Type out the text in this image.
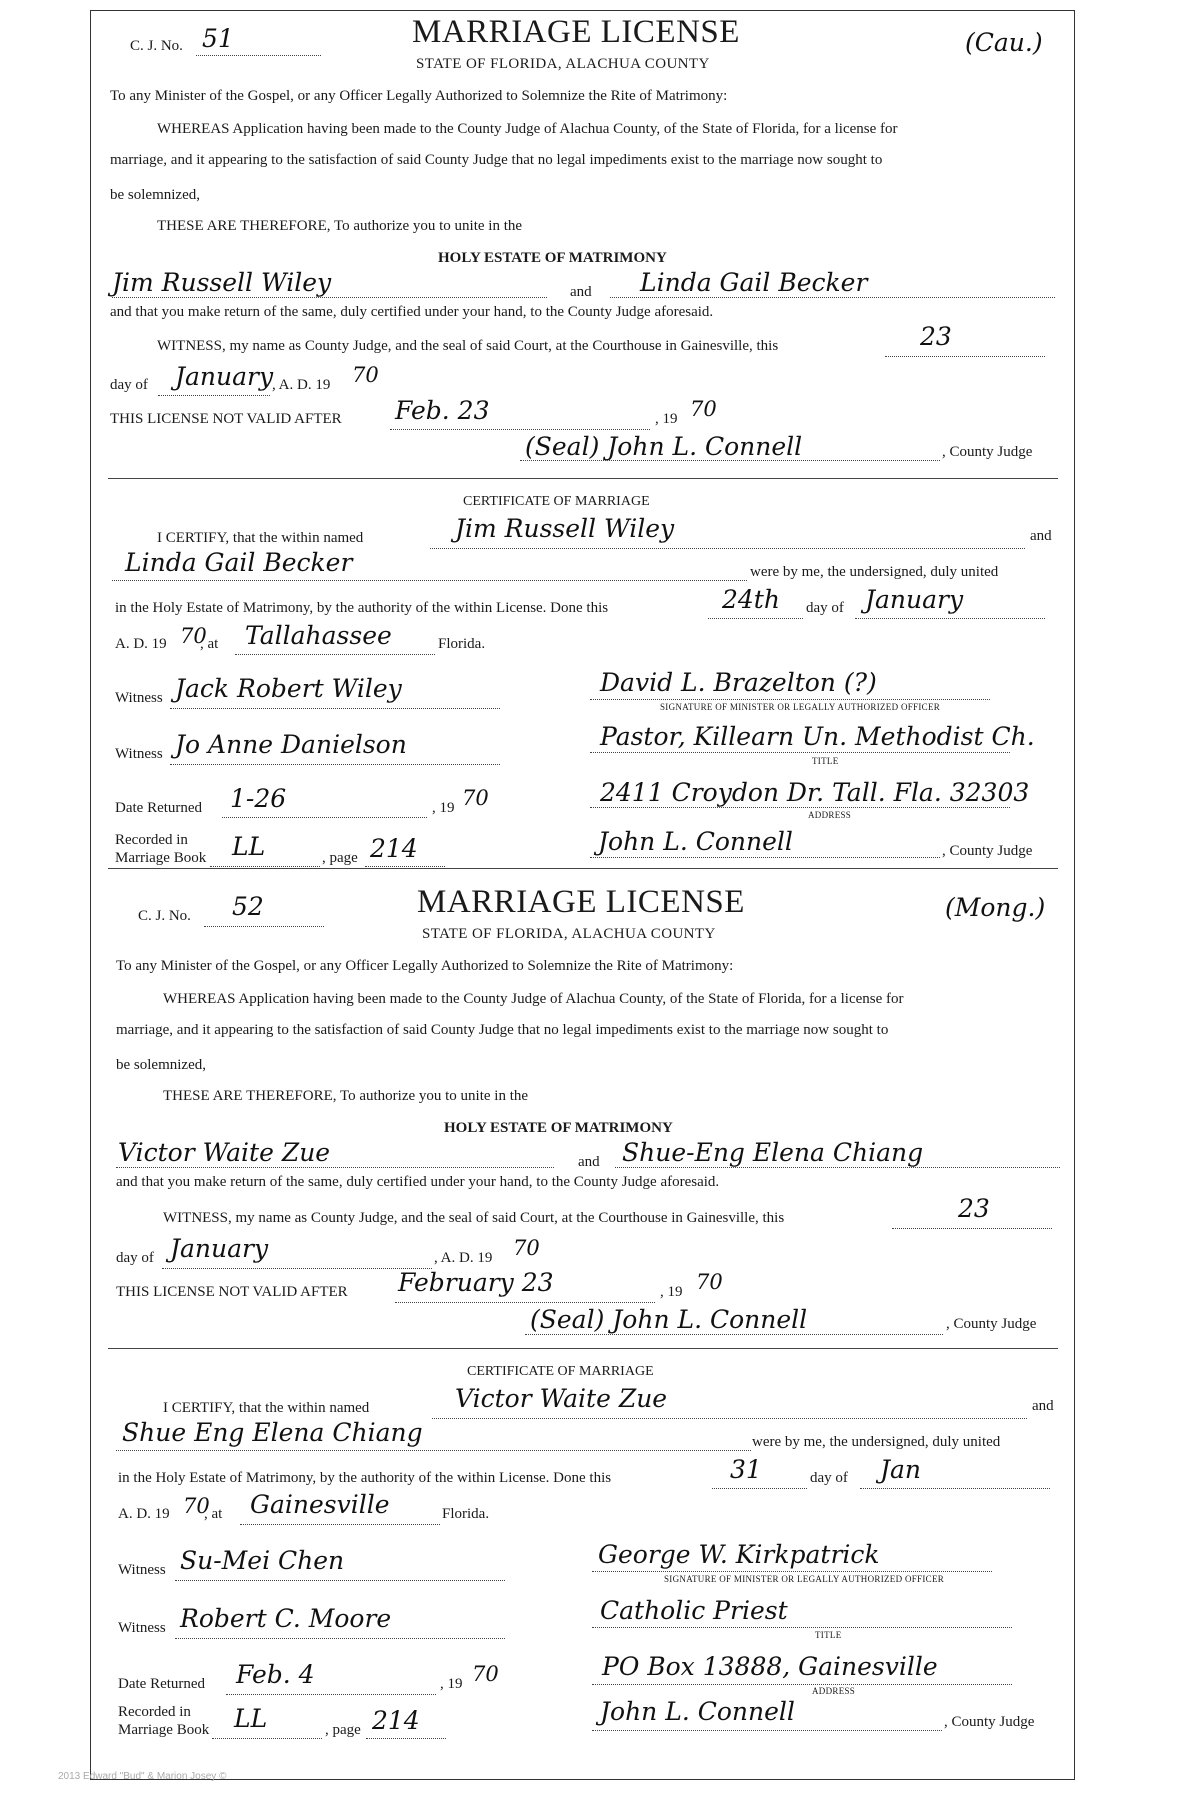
C. J. No. 51	MARRIAGE LICENSE
STATE OF FLORIDA, ALACHUA COUNTY
(Cau.)
To any Minister of the Gospel, or any Officer Legally Authorized to Solemnize the Rite of Matrimony:
WHEREAS Application having been made to the County Judge of Alachua County, of the State of Florida, for a license for
marriage, and it appearing to the satisfaction of said County Judge that no legal impediments exist to the marriage now sought to
be solemnized,
THESE ARE THEREFORE, To authorize you to unite in the
HOLY ESTATE OF MATRIMONY
Jim Russell Wiley	and Linda Gail Becker
and that you make return of the same, duly certified under your hand, to the County Judge aforesaid.
WITNESS, my name as County Judge, and the seal of said Court, at the Courthouse in Gainesville, this	23
day of January
, A. D. 19 70
THIS LICENSE NOT VALID AFTER Feb. 23	, 19 70
(Seal) John L. Connell	, County Judge
CERTIFICATE OF MARRIAGE
I CERTIFY, that the within named	Jim Russell Wiley	and
Linda Gail Becker	were by me, the undersigned, duly united
in the Holy Estate of Matrimony, by the authority of the within License. Done this	24th day of January
A. D. 19 70
, at Tallahassee	Florida.
Witness Jack Robert Wiley	David L. Brazelton (?)
SIGNATURE OF MINISTER OR LEGALLY AUTHORIZED OFFICER
Witness Jo Anne Danielson	Pastor, Killearn Un. Methodist Ch.
TITLE
Date Returned 1-26	, 19 70	2411 Croydon Dr. Tall. Fla. 32303
ADDRESS
Recorded in
Marriage Book LL	, page 214	John L. Connell	, County Judge
C. J. No. 52	MARRIAGE LICENSE
STATE OF FLORIDA, ALACHUA COUNTY
(Mong.)
To any Minister of the Gospel, or any Officer Legally Authorized to Solemnize the Rite of Matrimony:
WHEREAS Application having been made to the County Judge of Alachua County, of the State of Florida, for a license for
marriage, and it appearing to the satisfaction of said County Judge that no legal impediments exist to the marriage now sought to
be solemnized,
THESE ARE THEREFORE, To authorize you to unite in the
HOLY ESTATE OF MATRIMONY
Victor Waite Zue	and Shue-Eng Elena Chiang
and that you make return of the same, duly certified under your hand, to the County Judge aforesaid.
WITNESS, my name as County Judge, and the seal of said Court, at the Courthouse in Gainesville, this	23
day of January	, A. D. 19 70
THIS LICENSE NOT VALID AFTER February 23	, 19 70
(Seal) John L. Connell	, County Judge
CERTIFICATE OF MARRIAGE
I CERTIFY, that the within named	Victor Waite Zue	and
Shue Eng Elena Chiang	were by me, the undersigned, duly united
in the Holy Estate of Matrimony, by the authority of the within License. Done this	31	day of Jan
A. D. 19 70
, at Gainesville	Florida.
Witness Su-Mei Chen	George W. Kirkpatrick
SIGNATURE OF MINISTER OR LEGALLY AUTHORIZED OFFICER
Witness Robert C. Moore	Catholic Priest
TITLE
Date Returned Feb. 4	, 19 70	PO Box 13888, Gainesville
ADDRESS
Recorded in
Marriage Book LL	, page 214	John L. Connell	, County Judge
2013 Edward "Bud" & Marion Josey ©
